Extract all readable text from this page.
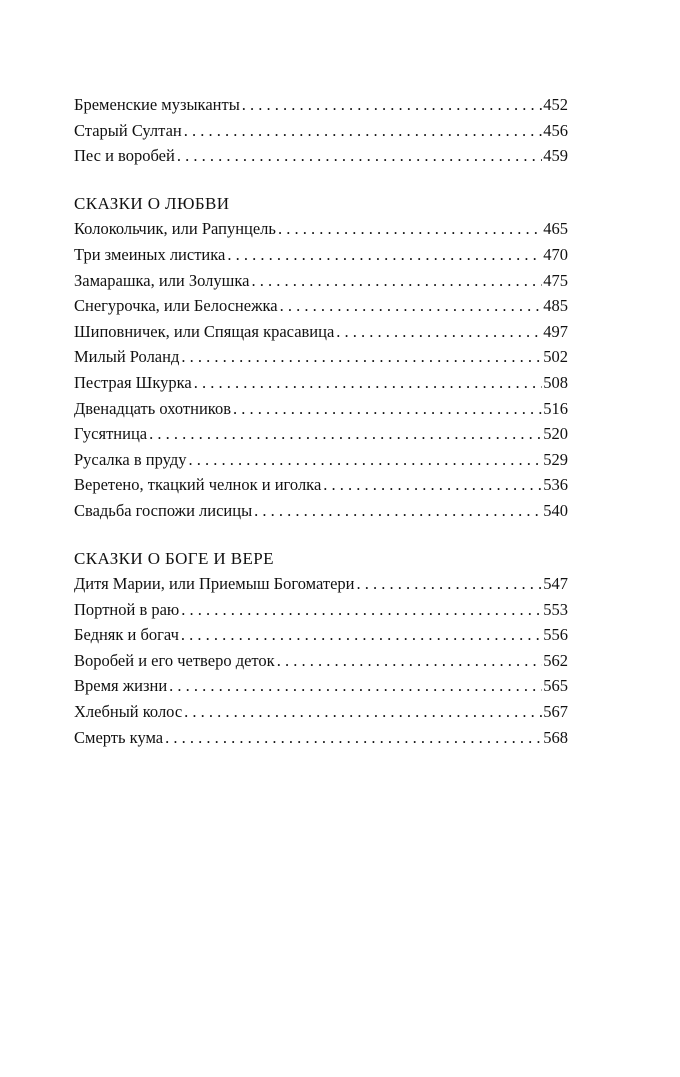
Бременские музыканты . . .	452
Старый Султан . . .	456
Пес и воробей . . .	459
СКАЗКИ О ЛЮБВИ
Колокольчик, или Рапунцель . . .	465
Три змеиных листика . . .	470
Замарашка, или Золушка . . .	475
Снегурочка, или Белоснежка . . .	485
Шиповничек, или Спящая красавица . . .	497
Милый Роланд . . .	502
Пестрая Шкурка . . .	508
Двенадцать охотников . . .	516
Гусятница . . .	520
Русалка в пруду . . .	529
Веретено, ткацкий челнок и иголка . . .	536
Свадьба госпожи лисицы . . .	540
СКАЗКИ О БОГЕ И ВЕРЕ
Дитя Марии, или Приемыш Богоматери . . .	547
Портной в раю . . .	553
Бедняк и богач . . .	556
Воробей и его четверо деток . . .	562
Время жизни . . .	565
Хлебный колос . . .	567
Смерть кума . . .	568
